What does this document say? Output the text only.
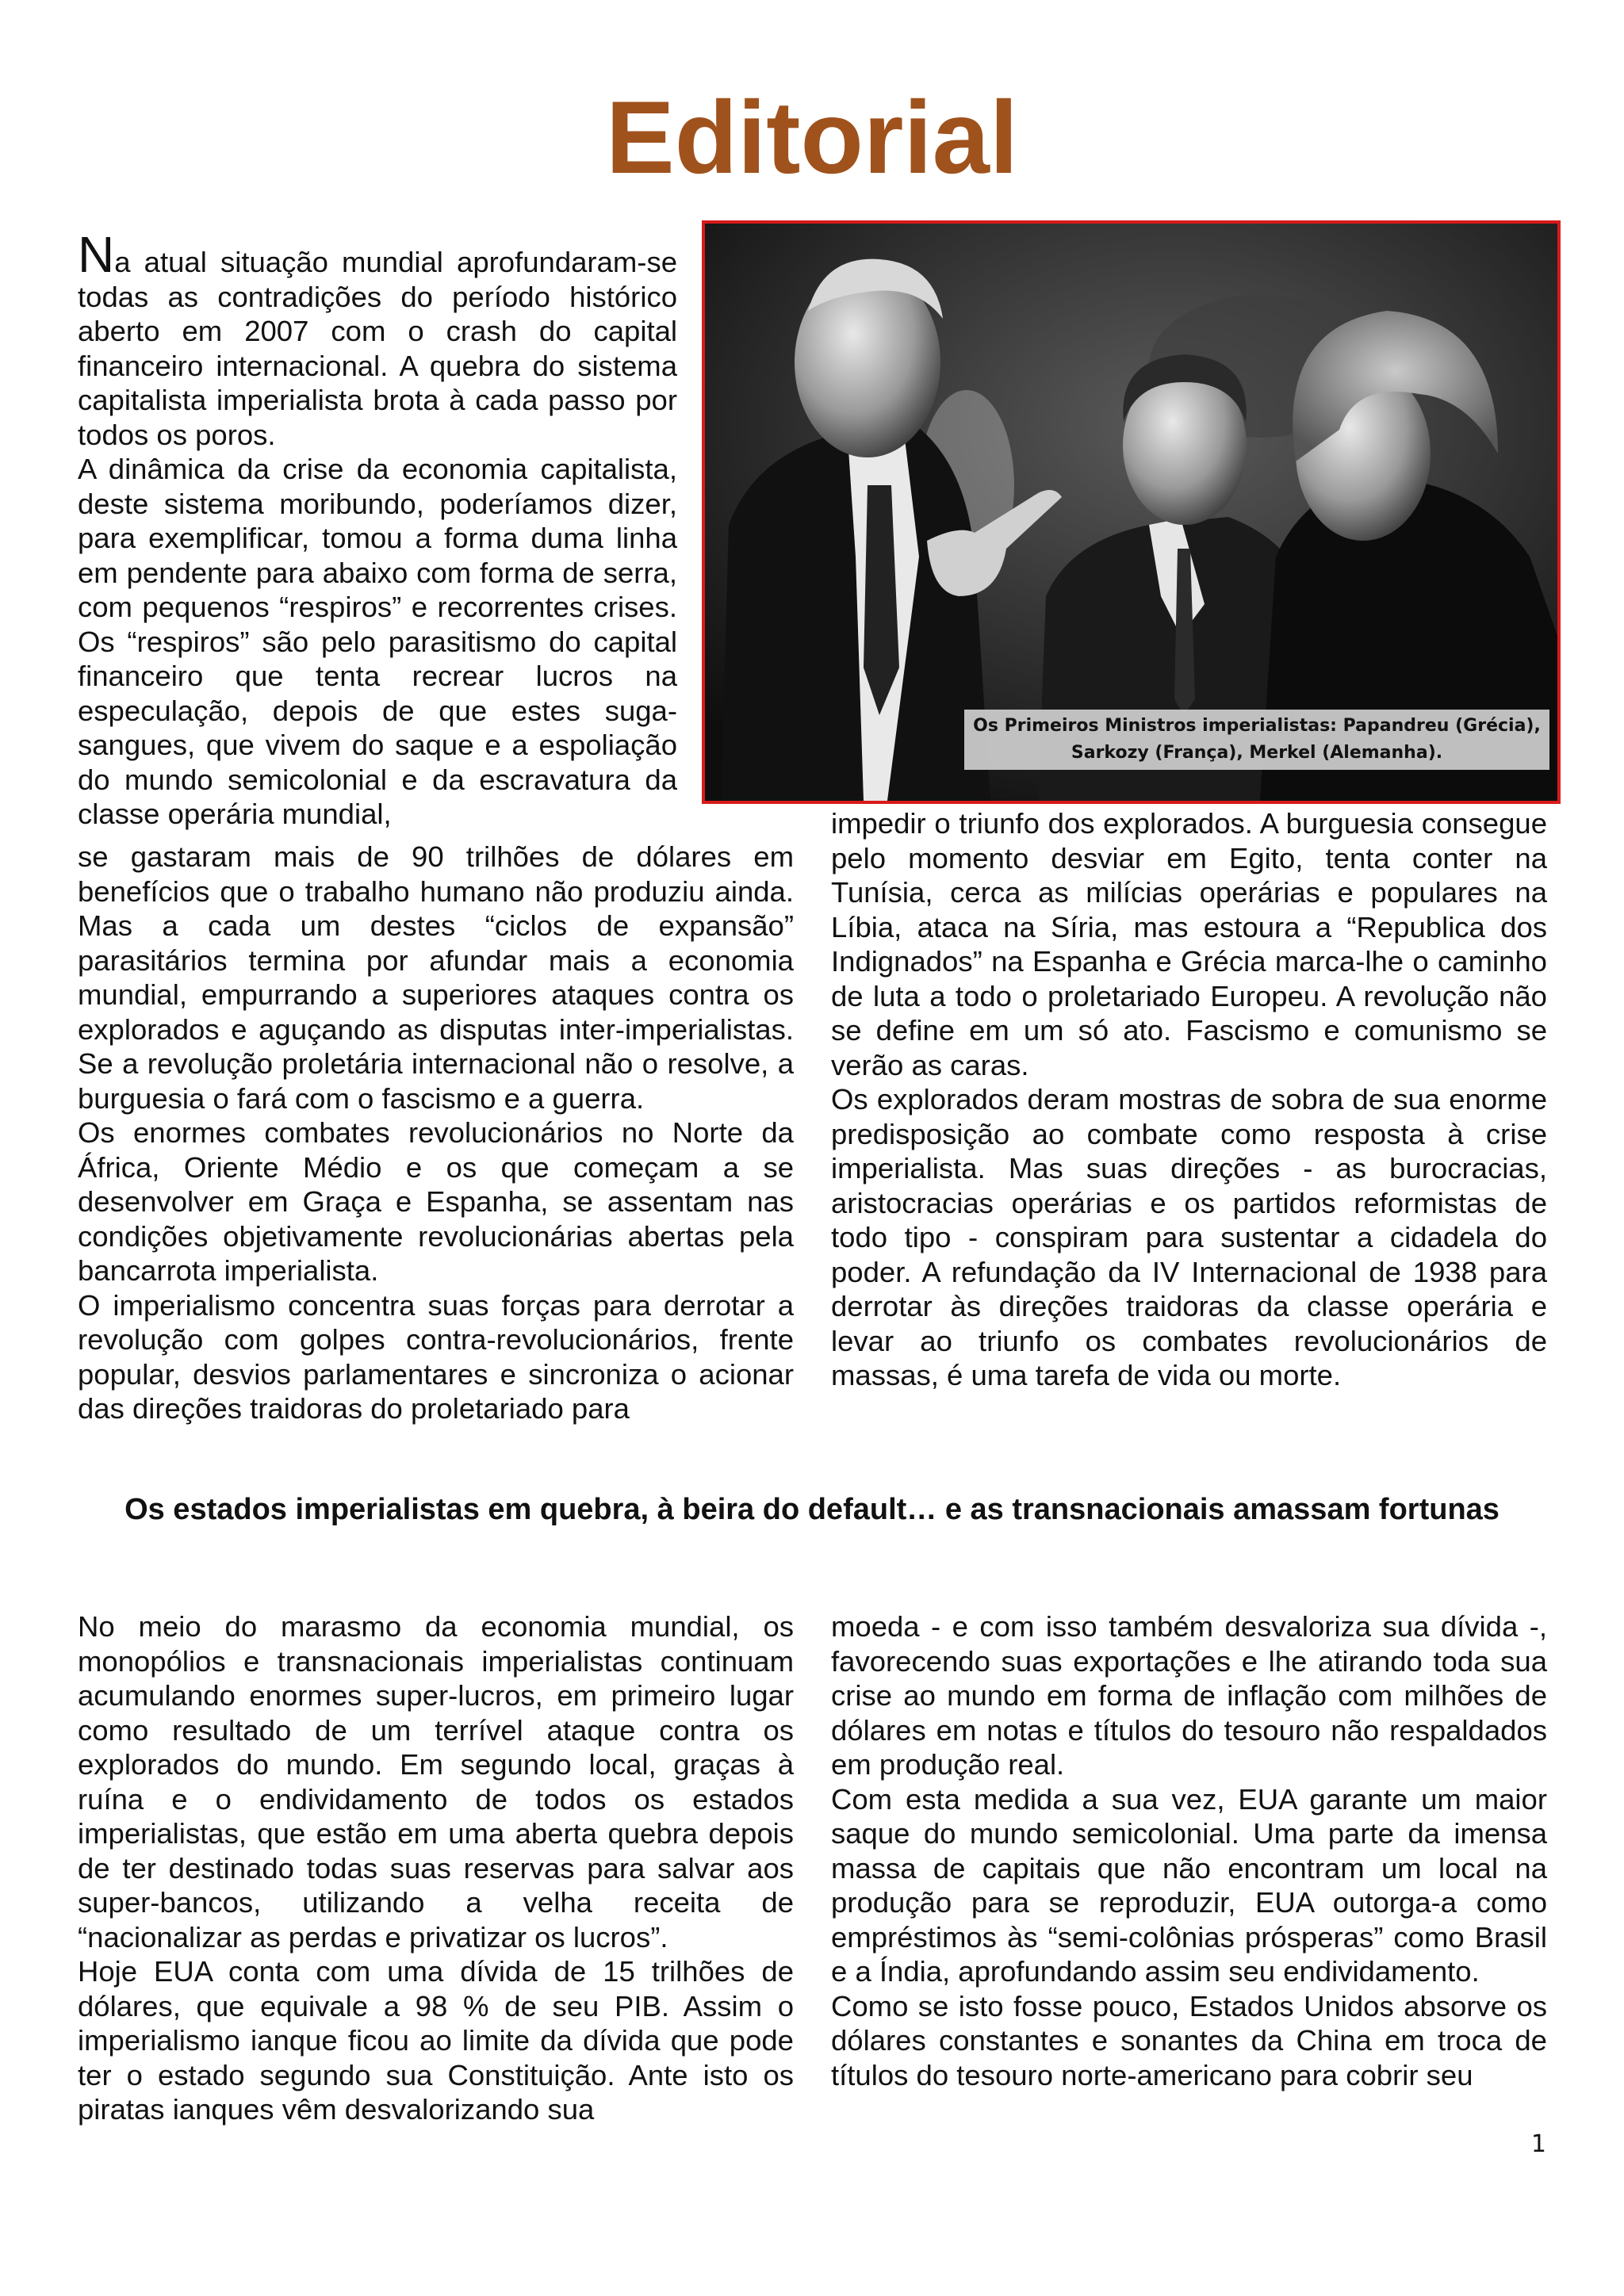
Editorial

Na atual situação mundial aprofundaram-se todas as contradições do período histórico aberto em 2007 com o crash do capital financeiro internacional. A quebra do sistema capitalista imperialista brota à cada passo por todos os poros.

A dinâmica da crise da economia capitalista, deste sistema moribundo, poderíamos dizer, para exemplificar, tomou a forma duma linha em pendente para abaixo com forma de serra, com pequenos “respiros” e recorrentes crises. Os “respiros” são pelo parasitismo do capital financeiro que tenta recrear lucros na especulação, depois de que estes suga-sangues, que vivem do saque e a espoliação do mundo semicolonial e da escravatura da classe operária mundial,

se gastaram mais de 90 trilhões de dólares em benefícios que o trabalho humano não produziu ainda. Mas a cada um destes “ciclos de expansão” parasitários termina por afundar mais a economia mundial, empurrando a superiores ataques contra os explorados e aguçando as disputas inter-imperialistas. Se a revolução proletária internacional não o resolve, a burguesia o fará com o fascismo e a guerra.

Os enormes combates revolucionários no Norte da África, Oriente Médio e os que começam a se desenvolver em Graça e Espanha, se assentam nas condições objetivamente revolucionárias abertas pela bancarrota imperialista.

O imperialismo concentra suas forças para derrotar a revolução com golpes contra-revolucionários, frente popular, desvios parlamentares e sincroniza o acionar das direções traidoras do proletariado para

Os Primeiros Ministros imperialistas: Papandreu (Grécia),
Sarkozy (França), Merkel (Alemanha).

impedir o triunfo dos explorados. A burguesia consegue pelo momento desviar em Egito, tenta conter na Tunísia, cerca as milícias operárias e populares na Líbia, ataca na Síria, mas estoura a “Republica dos Indignados” na Espanha e Grécia marca-lhe o caminho de luta a todo o proletariado Europeu. A revolução não se define em um só ato. Fascismo e comunismo se verão as caras.

Os explorados deram mostras de sobra de sua enorme predisposição ao combate como resposta à crise imperialista. Mas suas direções - as burocracias, aristocracias operárias e os partidos reformistas de todo tipo - conspiram para sustentar a cidadela do poder. A refundação da IV Internacional de 1938 para derrotar às direções traidoras da classe operária e levar ao triunfo os combates revolucionários de massas, é uma tarefa de vida ou morte.

Os estados imperialistas em quebra, à beira do default… e as transnacionais amassam fortunas

No meio do marasmo da economia mundial, os monopólios e transnacionais imperialistas continuam acumulando enormes super-lucros, em primeiro lugar como resultado de um terrível ataque contra os explorados do mundo. Em segundo local, graças à ruína e o endividamento de todos os estados imperialistas, que estão em uma aberta quebra depois de ter destinado todas suas reservas para salvar aos super-bancos, utilizando a velha receita de “nacionalizar as perdas e privatizar os lucros”.

Hoje EUA conta com uma dívida de 15 trilhões de dólares, que equivale a 98 % de seu PIB. Assim o imperialismo ianque ficou ao limite da dívida que pode ter o estado segundo sua Constituição. Ante isto os piratas ianques vêm desvalorizando sua

moeda - e com isso também desvaloriza sua dívida -, favorecendo suas exportações e lhe atirando toda sua crise ao mundo em forma de inflação com milhões de dólares em notas e títulos do tesouro não respaldados em produção real.

Com esta medida a sua vez, EUA garante um maior saque do mundo semicolonial. Uma parte da imensa massa de capitais que não encontram um local na produção para se reproduzir, EUA outorga-a como empréstimos às “semi-colônias prósperas” como Brasil e a Índia, aprofundando assim seu endividamento.

Como se isto fosse pouco, Estados Unidos absorve os dólares constantes e sonantes da China em troca de títulos do tesouro norte-americano para cobrir seu

1
